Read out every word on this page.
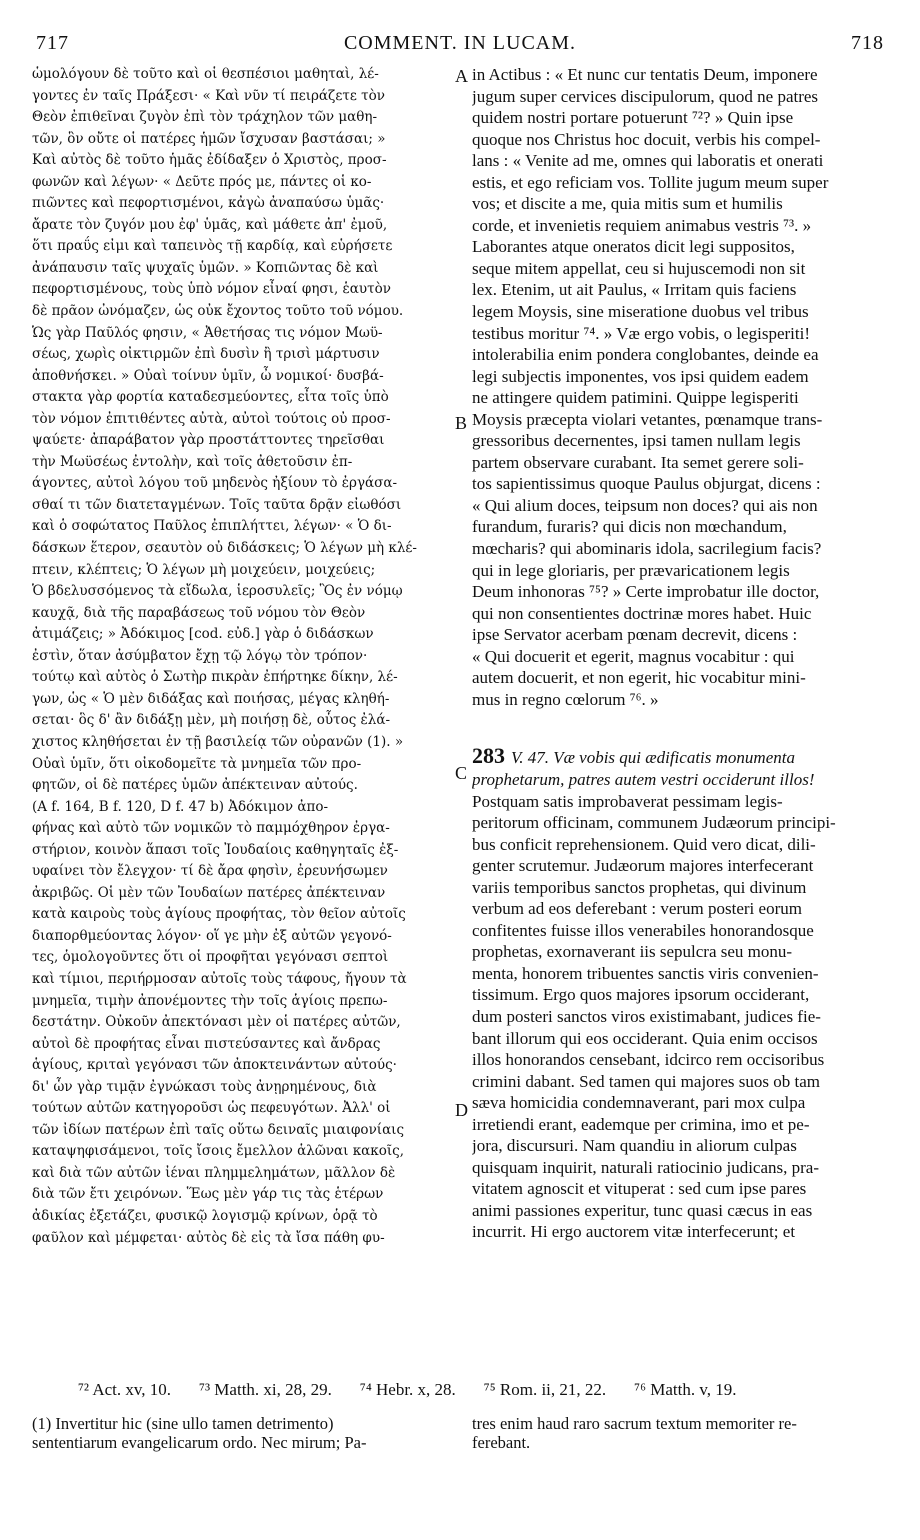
717	COMMENT. IN LUCAM.	718
ὡμολόγουν δὲ τοῦτο καὶ οἱ θεσπέσιοι μαθηταὶ, λέ-
γοντες ἐν ταῖς Πράξεσι· « Καὶ νῦν τί πειράζετε τὸν
Θεὸν ἐπιθεῖναι ζυγὸν ἐπὶ τὸν τράχηλον τῶν μαθη-
τῶν, ὃν οὔτε οἱ πατέρες ἡμῶν ἴσχυσαν βαστάσαι; »
Καὶ αὐτὸς δὲ τοῦτο ἡμᾶς ἐδίδαξεν ὁ Χριστὸς, προσ-
φωνῶν καὶ λέγων· « Δεῦτε πρός με, πάντες οἱ κο-
πιῶντες καὶ πεφορτισμένοι, κἀγὼ ἀναπαύσω ὑμᾶς·
ἄρατε τὸν ζυγόν μου ἐφ' ὑμᾶς, καὶ μάθετε ἀπ' ἐμοῦ,
ὅτι πραΰς εἰμι καὶ ταπεινὸς τῇ καρδίᾳ, καὶ εὑρήσετε
ἀνάπαυσιν ταῖς ψυχαῖς ὑμῶν. » Κοπιῶντας δὲ καὶ
πεφορτισμένους, τοὺς ὑπὸ νόμον εἶναί φησι, ἑαυτὸν
δὲ πρᾶον ὠνόμαζεν, ὡς οὐκ ἔχοντος τοῦτο τοῦ νόμου.
Ὡς γὰρ Παῦλός φησιν, « Ἀθετήσας τις νόμον Μωϋ-
σέως, χωρὶς οἰκτιρμῶν ἐπὶ δυσὶν ἢ τρισὶ μάρτυσιν
ἀποθνήσκει. » Οὐαὶ τοίνυν ὑμῖν, ὦ νομικοί· δυσβά-
στακτα γὰρ φορτία καταδεσμεύοντες, εἶτα τοῖς ὑπὸ
τὸν νόμον ἐπιτιθέντες αὐτὰ, αὐτοὶ τούτοις οὐ προσ-
ψαύετε· ἀπαράβατον γὰρ προστάττοντες τηρεῖσθαι
τὴν Μωϋσέως ἐντολὴν, καὶ τοῖς ἀθετοῦσιν ἐπ-
άγοντες, αὐτοὶ λόγου τοῦ μηδενὸς ἠξίουν τὸ ἐργάσα-
σθαί τι τῶν διατεταγμένων. Τοῖς ταῦτα δρᾷν εἰωθόσι
καὶ ὁ σοφώτατος Παῦλος ἐπιπλήττει, λέγων· « Ὁ δι-
δάσκων ἕτερον, σεαυτὸν οὐ διδάσκεις; Ὁ λέγων μὴ κλέ-
πτειν, κλέπτεις; Ὁ λέγων μὴ μοιχεύειν, μοιχεύεις;
Ὁ βδελυσσόμενος τὰ εἴδωλα, ἱεροσυλεῖς; Ὃς ἐν νόμῳ
καυχᾷ, διὰ τῆς παραβάσεως τοῦ νόμου τὸν Θεὸν
ἀτιμάζεις; » Ἀδόκιμος [cod. εὐδ.] γὰρ ὁ διδάσκων
ἐστὶν, ὅταν ἀσύμβατον ἔχῃ τῷ λόγῳ τὸν τρόπον·
τούτῳ καὶ αὐτὸς ὁ Σωτὴρ πικρὰν ἐπήρτηκε δίκην, λέ-
γων, ὡς « Ὁ μὲν διδάξας καὶ ποιήσας, μέγας κληθή-
σεται· ὃς δ' ἂν διδάξῃ μὲν, μὴ ποιήσῃ δὲ, οὗτος ἐλά-
χιστος κληθήσεται ἐν τῇ βασιλείᾳ τῶν οὐρανῶν (1). »
Οὐαὶ ὑμῖν, ὅτι οἰκοδομεῖτε τὰ μνημεῖα τῶν προ-
φητῶν, οἱ δὲ πατέρες ὑμῶν ἀπέκτειναν αὐτούς.
(A f. 164, B f. 120, D f. 47 b) Ἀδόκιμον ἀπο-
φήνας καὶ αὐτὸ τῶν νομικῶν τὸ παμμόχθηρον ἐργα-
στήριον, κοινὸν ἅπασι τοῖς Ἰουδαίοις καθηγηταῖς ἐξ-
υφαίνει τὸν ἔλεγχον· τί δὲ ἄρα φησὶν, ἐρευνήσωμεν
ἀκριβῶς. Οἱ μὲν τῶν Ἰουδαίων πατέρες ἀπέκτειναν
κατὰ καιροὺς τοὺς ἁγίους προφήτας, τὸν θεῖον αὐτοῖς
διαπορθμεύοντας λόγον· οἵ γε μὴν ἐξ αὐτῶν γεγονό-
τες, ὁμολογοῦντες ὅτι οἱ προφῆται γεγόνασι σεπτοὶ
καὶ τίμιοι, περιήρμοσαν αὐτοῖς τοὺς τάφους, ἤγουν τὰ
μνημεῖα, τιμὴν ἀπονέμοντες τὴν τοῖς ἁγίοις πρεπω-
δεστάτην. Οὐκοῦν ἀπεκτόνασι μὲν οἱ πατέρες αὐτῶν,
αὐτοὶ δὲ προφήτας εἶναι πιστεύσαντες καὶ ἄνδρας
ἁγίους, κριταὶ γεγόνασι τῶν ἀποκτεινάντων αὐτούς·
δι' ὧν γὰρ τιμᾷν ἐγνώκασι τοὺς ἀνῃρημένους, διὰ
τούτων αὐτῶν κατηγοροῦσι ὡς πεφευγότων. Ἀλλ' οἱ
τῶν ἰδίων πατέρων ἐπὶ ταῖς οὕτω δειναῖς μιαιφονίαις
καταψηφισάμενοι, τοῖς ἴσοις ἔμελλον ἁλῶναι κακοῖς,
καὶ διὰ τῶν αὐτῶν ἰέναι πλημμελημάτων, μᾶλλον δὲ
διὰ τῶν ἔτι χειρόνων. Ἕως μὲν γάρ τις τὰς ἑτέρων
ἀδικίας ἐξετάζει, φυσικῷ λογισμῷ κρίνων, ὁρᾷ τὸ
φαῦλον καὶ μέμφεται· αὐτὸς δὲ εἰς τὰ ἴσα πάθη φυ-
in Actibus : « Et nunc cur tentatis Deum, imponere
jugum super cervices discipulorum, quod ne patres
quidem nostri portare potuerunt ⁷²? » Quin ipse
quoque nos Christus hoc docuit, verbis his compel-
lans : « Venite ad me, omnes qui laboratis et onerati
estis, et ego reficiam vos. Tollite jugum meum super
vos; et discite a me, quia mitis sum et humilis
corde, et invenietis requiem animabus vestris ⁷³. »
Laborantes atque oneratos dicit legi suppositos,
seque mitem appellat, ceu si hujuscemodi non sit
lex. Etenim, ut ait Paulus, « Irritam quis faciens
legem Moysis, sine miseratione duobus vel tribus
testibus moritur ⁷⁴. » Væ ergo vobis, o legisperiti!
intolerabilia enim pondera conglobantes, deinde ea
legi subjectis imponentes, vos ipsi quidem eadem
ne attingere quidem patimini. Quippe legisperiti
Moysis præcepta violari vetantes, pœnamque trans-
gressoribus decernentes, ipsi tamen nullam legis
partem observare curabant. Ita semet gerere soli-
tos sapientissimus quoque Paulus objurgat, dicens :
« Qui alium doces, teipsum non doces? qui ais non
furandum, furaris? qui dicis non mœchandum,
mœcharis? qui abominaris idola, sacrilegium facis?
qui in lege gloriaris, per prævaricationem legis
Deum inhonoras ⁷⁵? » Certe improbatur ille doctor,
qui non consentientes doctrinæ mores habet. Huic
ipse Servator acerbam pœnam decrevit, dicens :
« Qui docuerit et egerit, magnus vocabitur : qui
autem docuerit, et non egerit, hic vocabitur mini-
mus in regno cœlorum ⁷⁶. »
283 V. 47. Væ vobis qui ædificatis monumenta
prophetarum, patres autem vestri occiderunt illos!
Postquam satis improbaverat pessimam legis-
peritorum officinam, communem Judæorum principi-
bus conficit reprehensionem. Quid vero dicat, dili-
genter scrutemur. Judæorum majores interfecerant
variis temporibus sanctos prophetas, qui divinum
verbum ad eos deferebant : verum posteri eorum
confitentes fuisse illos venerabiles honorandosque
prophetas, exornaverant iis sepulcra seu monu-
menta, honorem tribuentes sanctis viris convenien-
tissimum. Ergo quos majores ipsorum occiderant,
dum posteri sanctos viros existimabant, judices fie-
bant illorum qui eos occiderant. Quia enim occisos
illos honorandos censebant, idcirco rem occisoribus
crimini dabant. Sed tamen qui majores suos ob tam
sæva homicidia condemnaverant, pari mox culpa
irretiendi erant, eademque per crimina, imo et pe-
jora, discursuri. Nam quandiu in aliorum culpas
quisquam inquirit, naturali ratiocinio judicans, pra-
vitatem agnoscit et vituperat : sed cum ipse pares
animi passiones experitur, tunc quasi cæcus in eas
incurrit. Hi ergo auctorem vitæ interfecerunt; et
A
B
C
D
⁷² Act. xv, 10. ⁷³ Matth. xi, 28, 29. ⁷⁴ Hebr. x, 28. ⁷⁵ Rom. ii, 21, 22. ⁷⁶ Matth. v, 19.
(1) Invertitur hic (sine ullo tamen detrimento)
sententiarum evangelicarum ordo. Nec mirum; Pa-
tres enim haud raro sacrum textum memoriter re-
ferebant.
